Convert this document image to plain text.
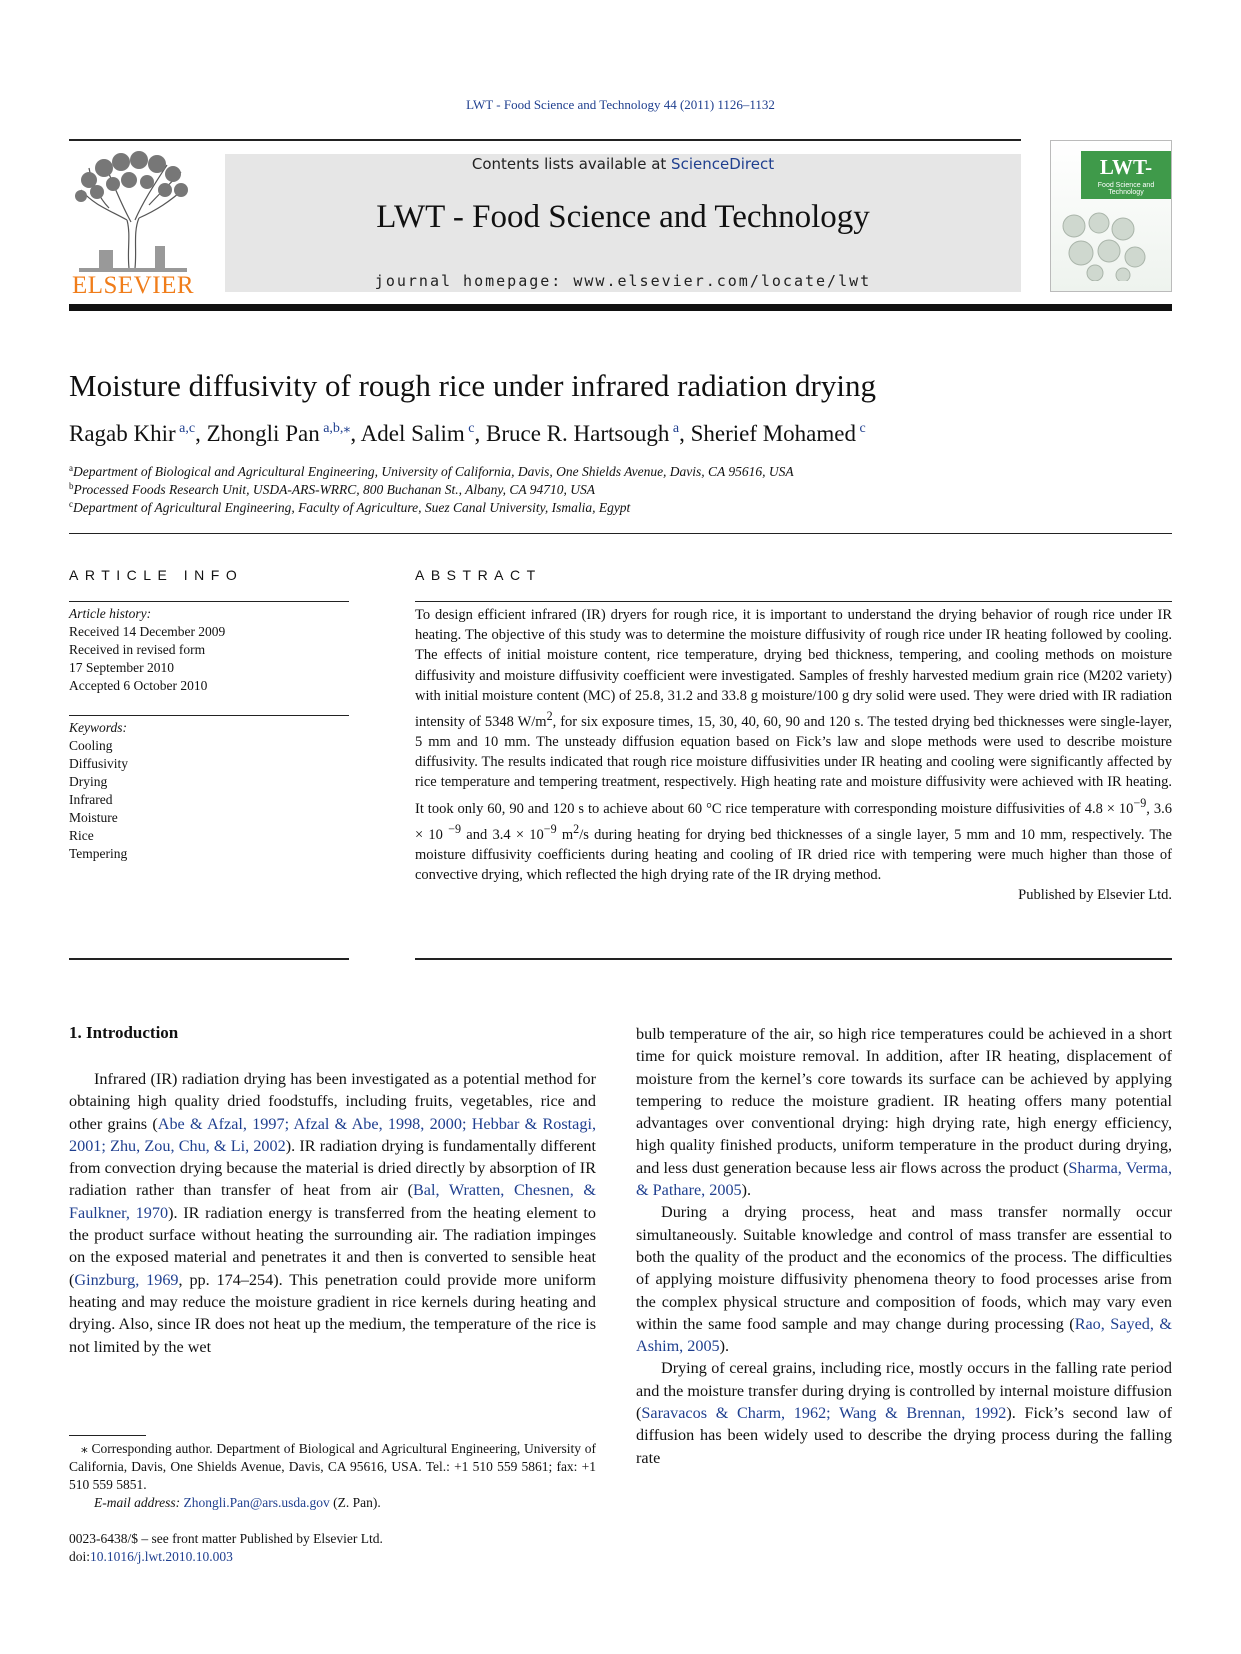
LWT - Food Science and Technology 44 (2011) 1126–1132
ELSEVIER
Contents lists available at ScienceDirect
LWT - Food Science and Technology
journal homepage: www.elsevier.com/locate/lwt
LWT-
Food Science and Technology
Moisture diffusivity of rough rice under infrared radiation drying
Ragab Khir $^{a,c}$, Zhongli Pan $^{a,b,⁎}$, Adel Salim $^c$, Bruce R. Hartsough $^a$, Sherief Mohamed $^c$
$^a$Department of Biological and Agricultural Engineering, University of California, Davis, One Shields Avenue, Davis, CA 95616, USA
$^b$Processed Foods Research Unit, USDA-ARS-WRRC, 800 Buchanan St., Albany, CA 94710, USA
$^c$Department of Agricultural Engineering, Faculty of Agriculture, Suez Canal University, Ismalia, Egypt
ARTICLE INFO	ABSTRACT
Article history:
Received 14 December 2009
Received in revised form
17 September 2010
Accepted 6 October 2010
Keywords:
Cooling
Diffusivity
Drying
Infrared
Moisture
Rice
Tempering

To design efficient infrared (IR) dryers for rough rice, it is important to understand the drying behavior of rough rice under IR heating. The objective of this study was to determine the moisture diffusivity of rough rice under IR heating followed by cooling. The effects of initial moisture content, rice temperature, drying bed thickness, tempering, and cooling methods on moisture diffusivity and moisture diffusivity coefficient were investigated. Samples of freshly harvested medium grain rice (M202 variety) with initial moisture content (MC) of 25.8, 31.2 and 33.8 g moisture/100 g dry solid were used. They were dried with IR radiation intensity of 5348 $W/m^2$, for six exposure times, 15, 30, 40, 60, 90 and 120 s. The tested drying bed thicknesses were single-layer, 5 mm and 10 mm. The unsteady diffusion equation based on Fick’s law and slope methods were used to describe moisture diffusivity. The results indicated that rough rice moisture diffusivities under IR heating and cooling were significantly affected by rice temperature and tempering treatment, respectively. High heating rate and moisture diffusivity were achieved with IR heating. It took only 60, 90 and 120 s to achieve about 60 °C rice temperature with corresponding moisture diffusivities of $4.8 \times 10^{-9}$, 3.6 × 10 $^{-9}$ and $3.4 \times 10^{-9}$ $m^2/s$ during heating for drying bed thicknesses of a single layer, 5 mm and 10 mm, respectively. The moisture diffusivity coefficients during heating and cooling of IR dried rice with tempering were much higher than those of convective drying, which reflected the high drying rate of the IR drying method.

Published by Elsevier Ltd.

1. Introduction

Infrared (IR) radiation drying has been investigated as a potential method for obtaining high quality dried foodstuffs, including fruits, vegetables, rice and other grains (Abe & Afzal, 1997; Afzal & Abe, 1998, 2000; Hebbar & Rostagi, 2001; Zhu, Zou, Chu, & Li, 2002). IR radiation drying is fundamentally different from convection drying because the material is dried directly by absorption of IR radiation rather than transfer of heat from air (Bal, Wratten, Chesnen, & Faulkner, 1970). IR radiation energy is transferred from the heating element to the product surface without heating the surrounding air. The radiation impinges on the exposed material and penetrates it and then is converted to sensible heat (Ginzburg, 1969, pp. 174–254). This penetration could provide more uniform heating and may reduce the moisture gradient in rice kernels during heating and drying. Also, since IR does not heat up the medium, the temperature of the rice is not limited by the wet

bulb temperature of the air, so high rice temperatures could be achieved in a short time for quick moisture removal. In addition, after IR heating, displacement of moisture from the kernel’s core towards its surface can be achieved by applying tempering to reduce the moisture gradient. IR heating offers many potential advantages over conventional drying: high drying rate, high energy efficiency, high quality finished products, uniform temperature in the product during drying, and less dust generation because less air flows across the product (Sharma, Verma, & Pathare, 2005).

During a drying process, heat and mass transfer normally occur simultaneously. Suitable knowledge and control of mass transfer are essential to both the quality of the product and the economics of the process. The difficulties of applying moisture diffusivity phenomena theory to food processes arise from the complex physical structure and composition of foods, which may vary even within the same food sample and may change during processing (Rao, Sayed, & Ashim, 2005).

Drying of cereal grains, including rice, mostly occurs in the falling rate period and the moisture transfer during drying is controlled by internal moisture diffusion (Saravacos & Charm, 1962; Wang & Brennan, 1992). Fick’s second law of diffusion has been widely used to describe the drying process during the falling rate

⁎ Corresponding author. Department of Biological and Agricultural Engineering, University of California, Davis, One Shields Avenue, Davis, CA 95616, USA. Tel.: +1 510 559 5861; fax: +1 510 559 5851.
E-mail address: Zhongli.Pan@ars.usda.gov (Z. Pan).
0023-6438/$ – see front matter Published by Elsevier Ltd.
doi:10.1016/j.lwt.2010.10.003
